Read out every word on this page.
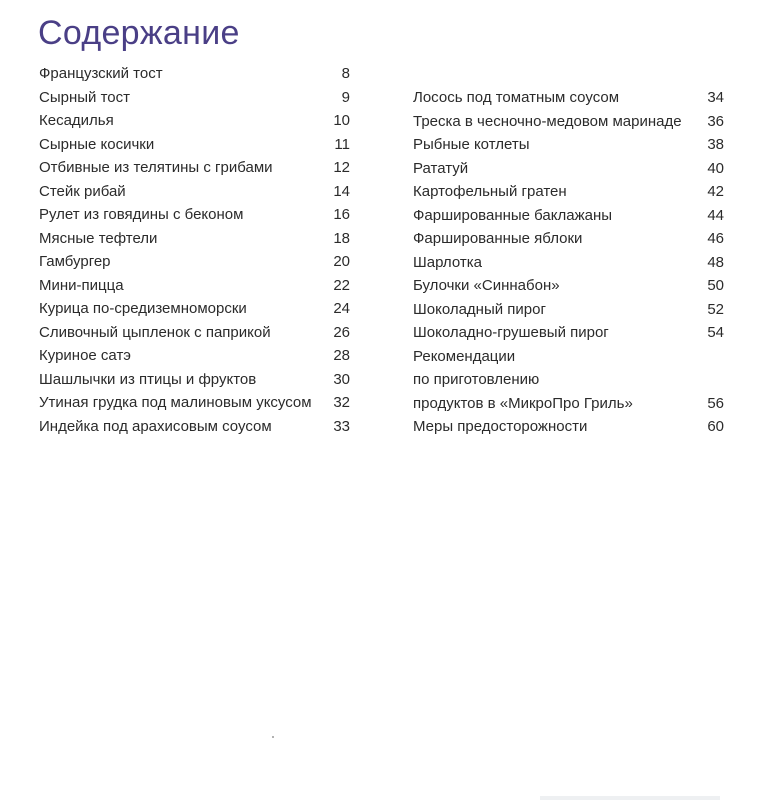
Содержание
Французский тост	8
Сырный тост	9
Кесадилья	10
Сырные косички	11
Отбивные из телятины с грибами	12
Стейк рибай	14
Рулет из говядины с беконом	16
Мясные тефтели	18
Гамбургер	20
Мини-пицца	22
Курица по-средиземноморски	24
Сливочный цыпленок с паприкой	26
Куриное сатэ	28
Шашлычки из птицы и фруктов	30
Утиная грудка под малиновым уксусом	32
Индейка под арахисовым соусом	33
Лосось под томатным соусом	34
Треска в чесночно-медовом маринаде	36
Рыбные котлеты	38
Рататуй	40
Картофельный гратен	42
Фаршированные баклажаны	44
Фаршированные яблоки	46
Шарлотка	48
Булочки «Синнабон»	50
Шоколадный пирог	52
Шоколадно-грушевый пирог	54
Рекомендации
по приготовлению
продуктов в «МикроПро Гриль»	56
Меры предосторожности	60
